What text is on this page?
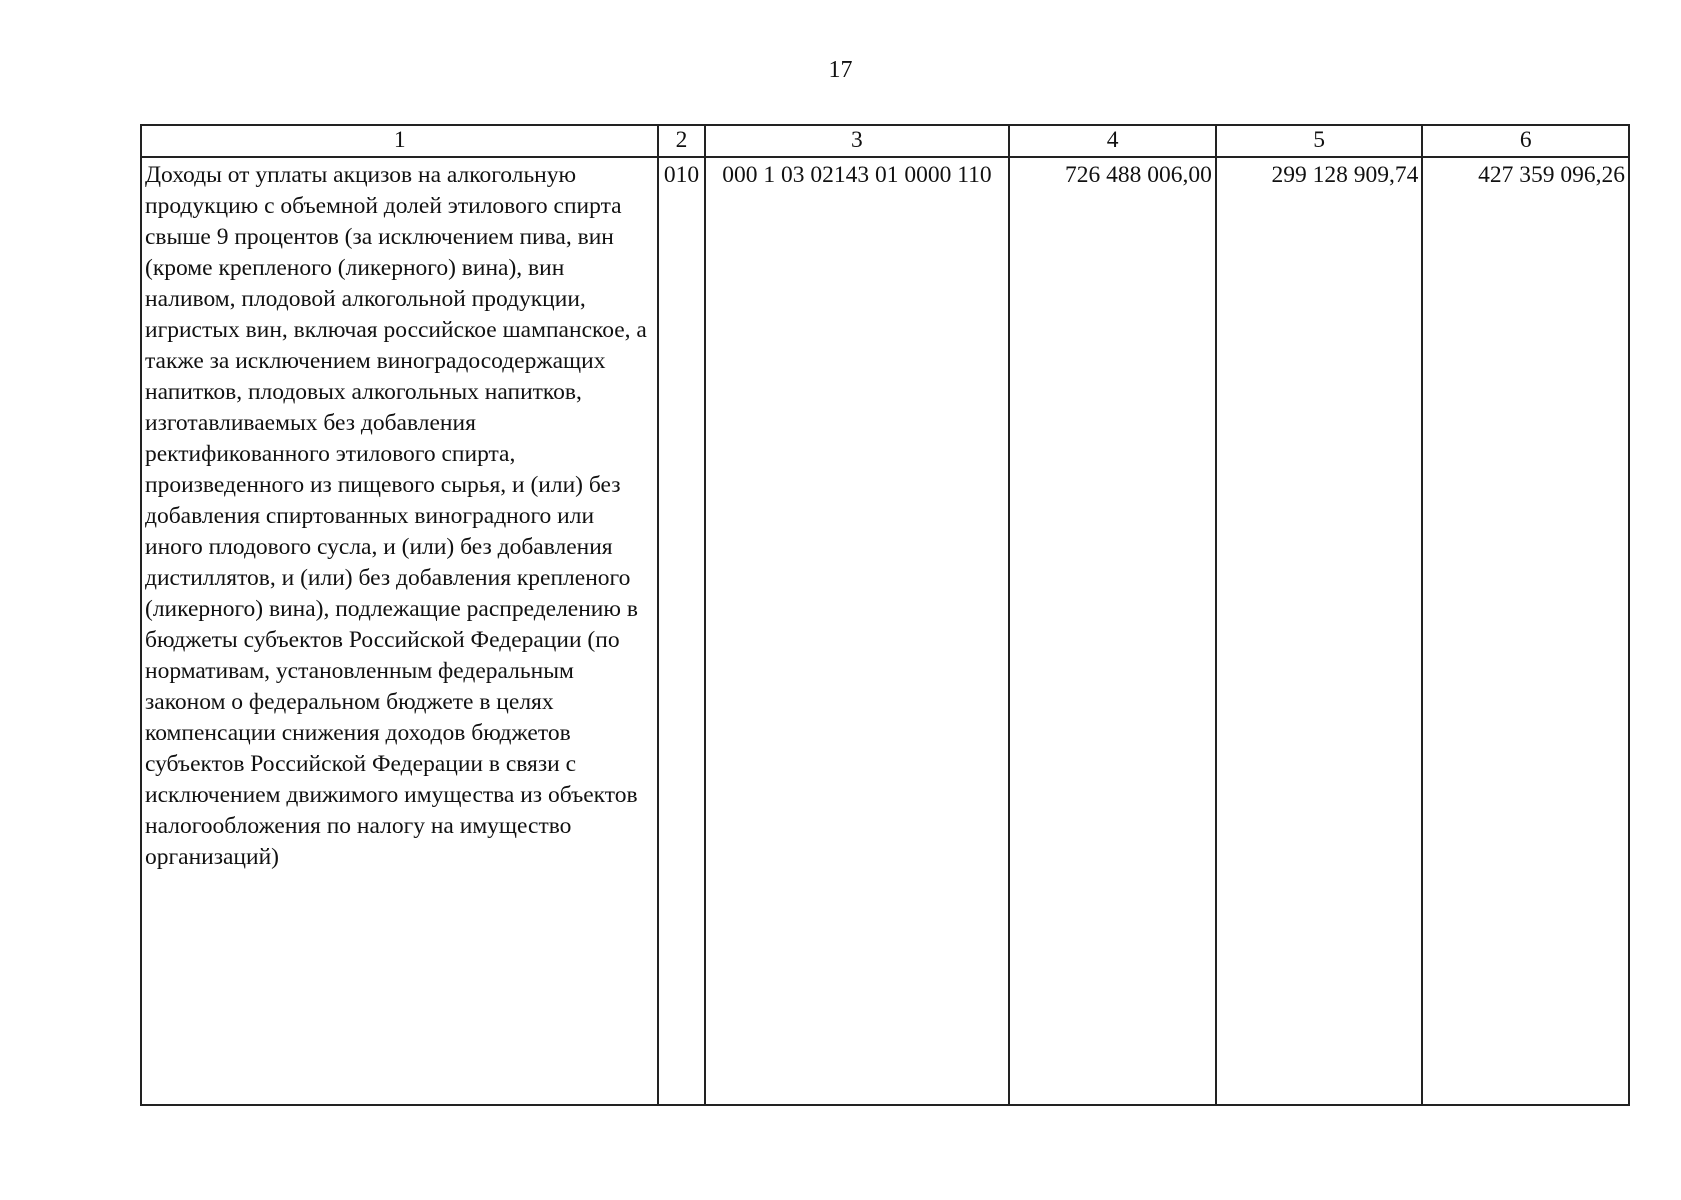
17
1	2	3	4	5	6
Доходы от уплаты акцизов на алкогольную продукцию с объемной долей этилового спирта свыше 9 процентов (за исключением пива, вин (кроме крепленого (ликерного) вина), вин наливом, плодовой алкогольной продукции, игристых вин, включая российское шампанское, а также за исключением виноградосодержащих напитков, плодовых алкогольных напитков, изготавливаемых без добавления ректификованного этилового спирта, произведенного из пищевого сырья, и (или) без добавления спиртованных виноградного или иного плодового сусла, и (или) без добавления дистиллятов, и (или) без добавления крепленого (ликерного) вина), подлежащие распределению в бюджеты субъектов Российской Федерации (по нормативам, установленным федеральным законом о федеральном бюджете в целях компенсации снижения доходов бюджетов субъектов Российской Федерации в связи с исключением движимого имущества из объектов налогообложения по налогу на имущество организаций)	010	000 1 03 02143 01 0000 110	726 488 006,00	299 128 909,74	427 359 096,26
